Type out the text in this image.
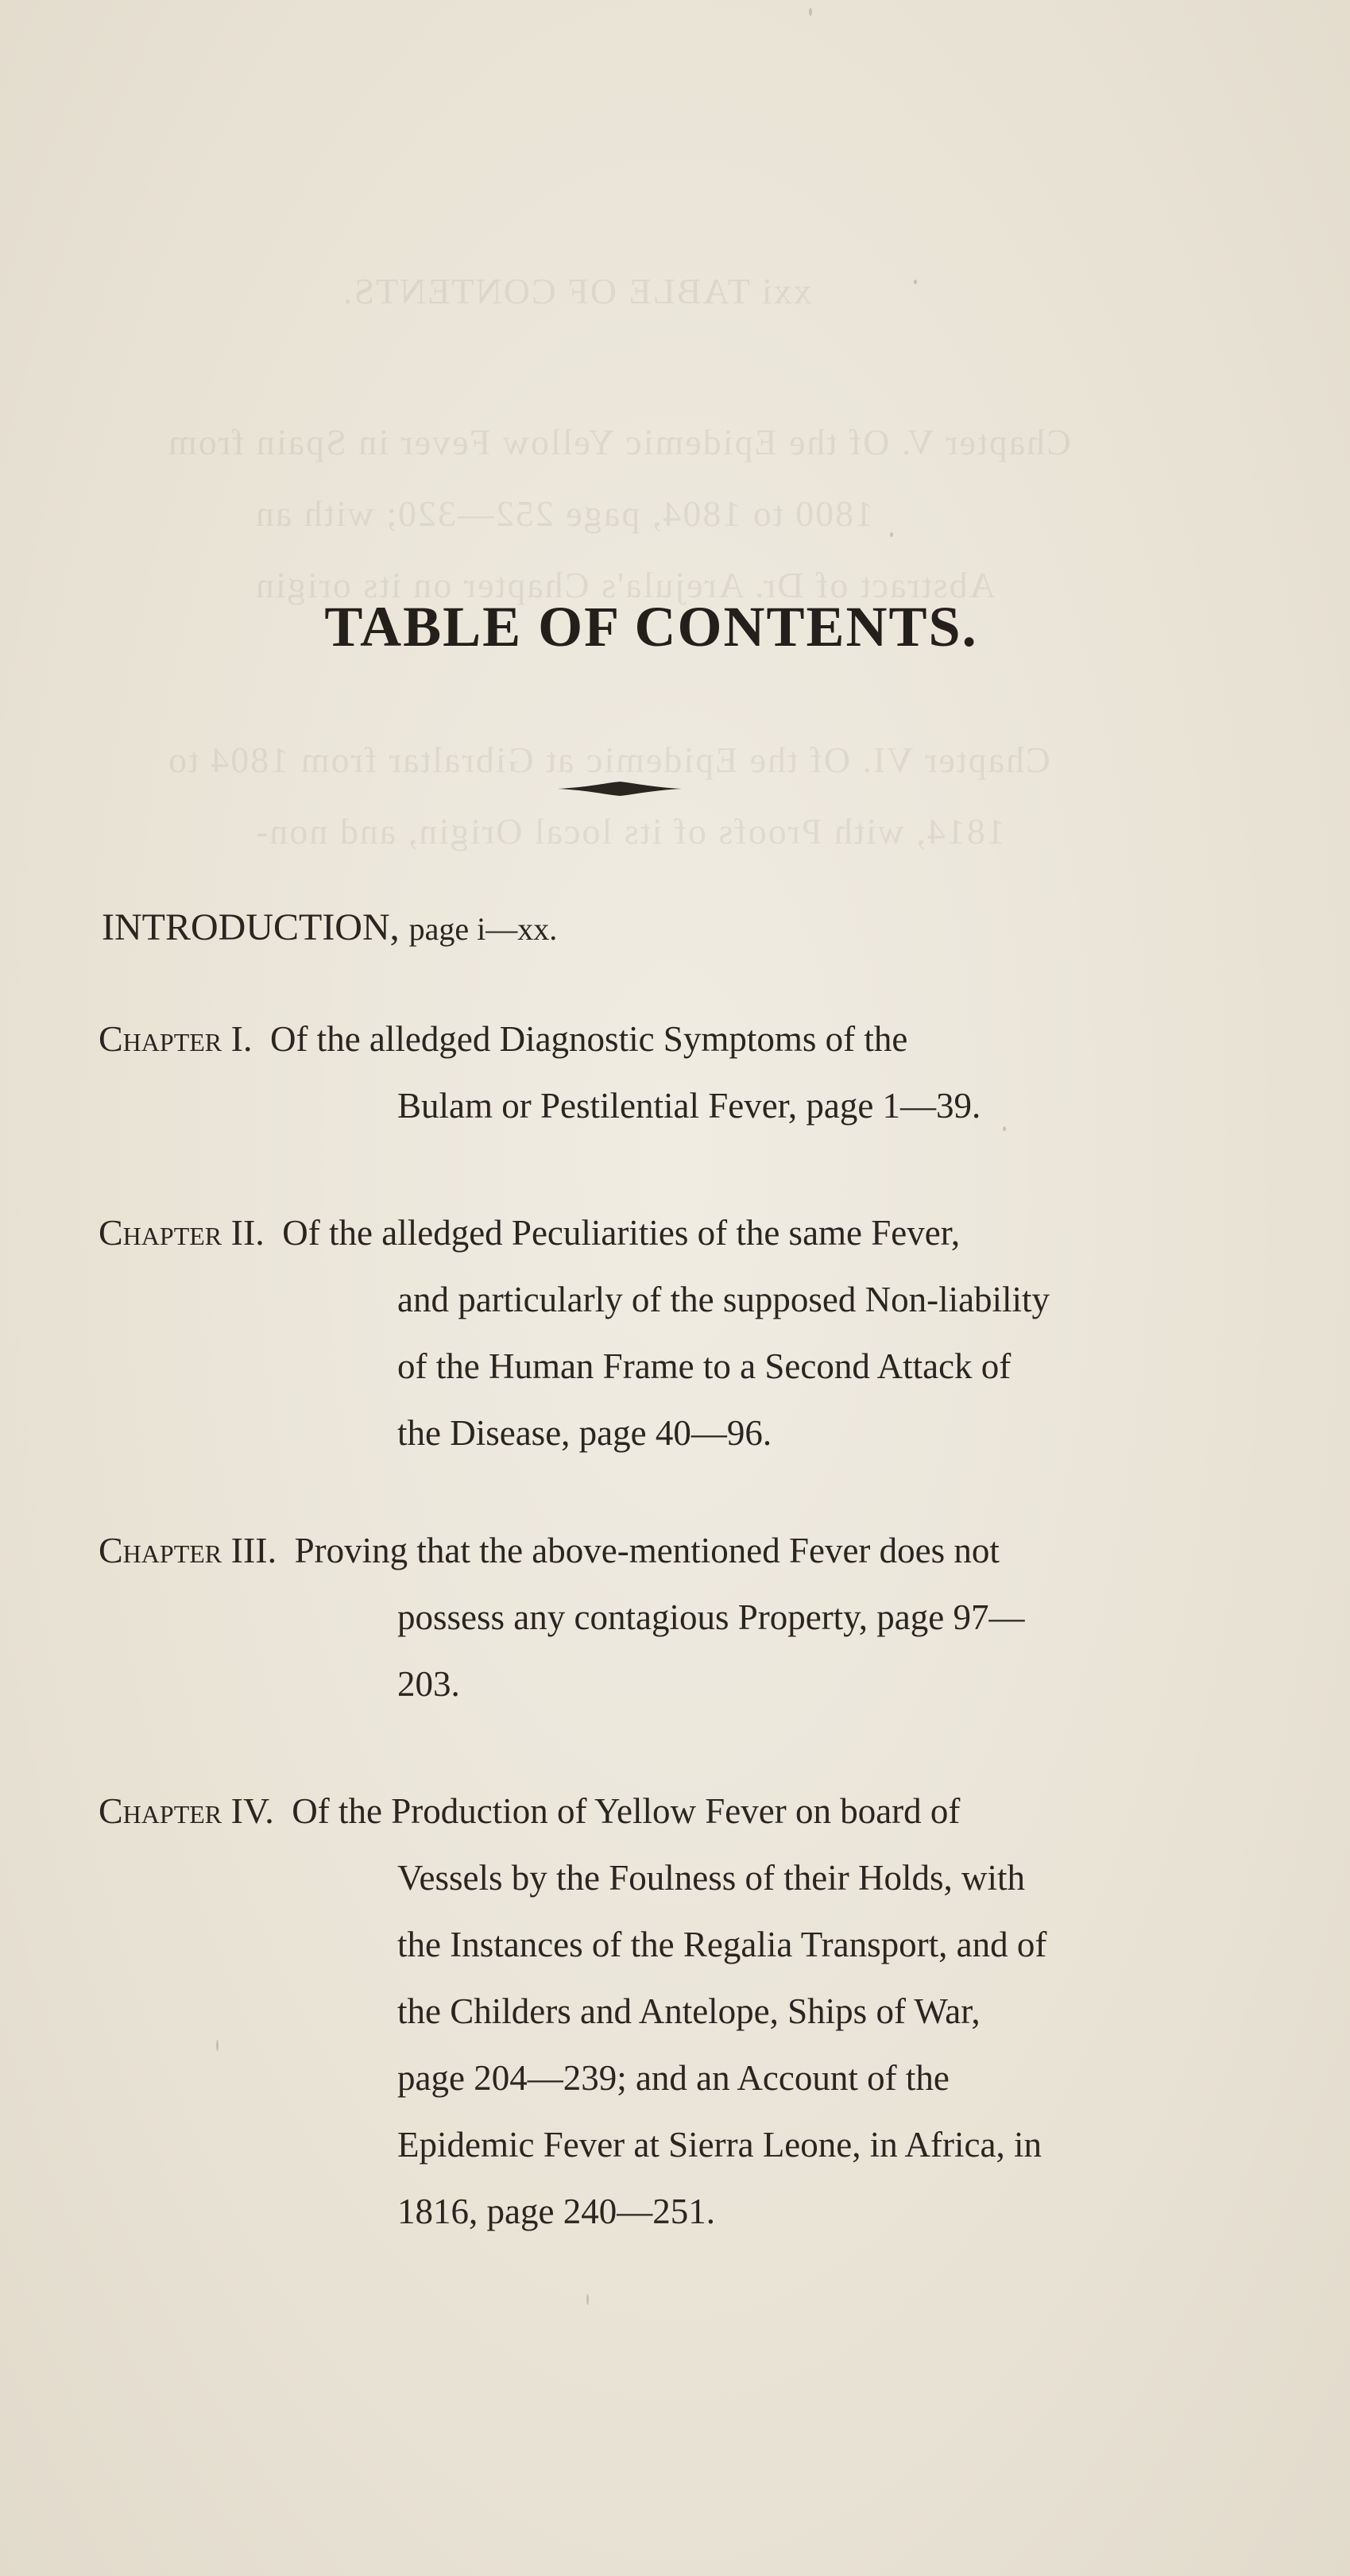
xxi TABLE OF CONTENTS.
Chapter V. Of the Epidemic Yellow Fever in Spain from
1800 to 1804, page 252—320; with an
Abstract of Dr. Arejula's Chapter on its origin
Chapter VI. Of the Epidemic at Gibraltar from 1804 to
1814, with Proofs of its local Origin, and non-
TABLE OF CONTENTS.
INTRODUCTION, page i—xx.
Chapter I. Of the alledged Diagnostic Symptoms of the
Bulam or Pestilential Fever, page 1—39.
Chapter II. Of the alledged Peculiarities of the same Fever,
and particularly of the supposed Non-liability
of the Human Frame to a Second Attack of
the Disease, page 40—96.
Chapter III. Proving that the above-mentioned Fever does not
possess any contagious Property, page 97—
203.
Chapter IV. Of the Production of Yellow Fever on board of
Vessels by the Foulness of their Holds, with
the Instances of the Regalia Transport, and of
the Childers and Antelope, Ships of War,
page 204—239; and an Account of the
Epidemic Fever at Sierra Leone, in Africa, in
1816, page 240—251.
